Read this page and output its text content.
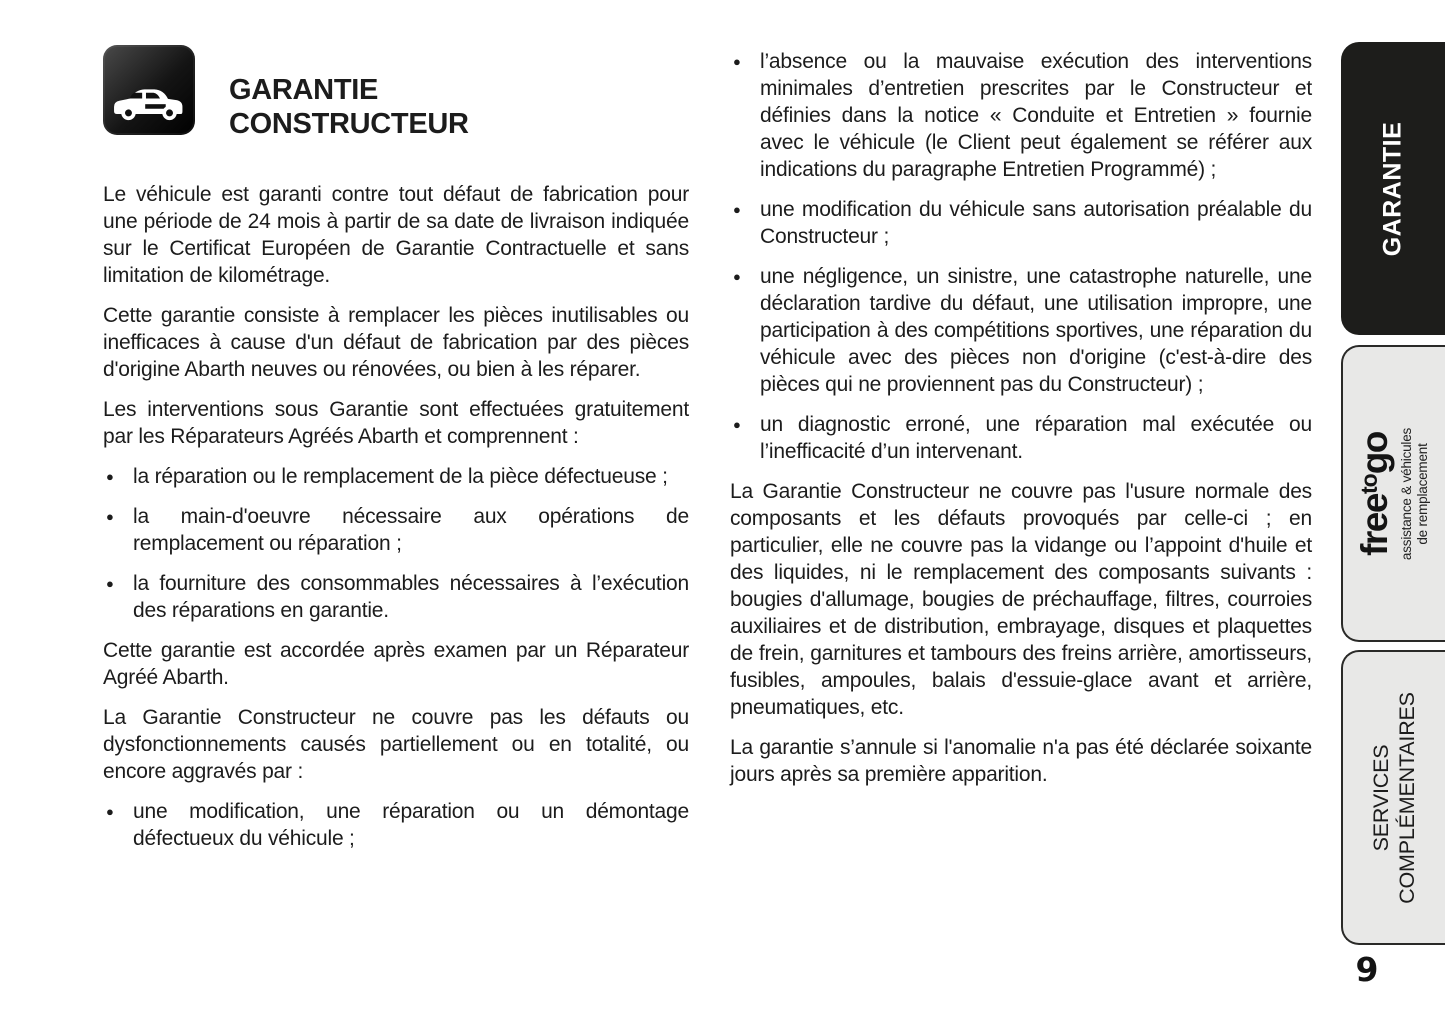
GARANTIE
CONSTRUCTEUR

Le véhicule est garanti contre tout défaut de fabrication pour une période de 24 mois à partir de sa date de livraison indiquée sur le Certificat Européen de Garantie Contractuelle et sans limitation de kilométrage.

Cette garantie consiste à remplacer les pièces inutilisables ou inefficaces à cause d'un défaut de fabrication par des pièces d'origine Abarth neuves ou rénovées, ou bien à les réparer.

Les interventions sous Garantie sont effectuées gratuitement par les Réparateurs Agréés Abarth et comprennent :

● la réparation ou le remplacement de la pièce défectueuse ;
● la main-d'oeuvre nécessaire aux opérations de remplacement ou réparation ;
● la fourniture des consommables nécessaires à l’exécution des réparations en garantie.

Cette garantie est accordée après examen par un Réparateur Agréé Abarth.

La Garantie Constructeur ne couvre pas les défauts ou dysfonctionnements causés partiellement ou en totalité, ou encore aggravés par :

● une modification, une réparation ou un démontage défectueux du véhicule ;
● l’absence ou la mauvaise exécution des interventions minimales d’entretien prescrites par le Constructeur et définies dans la notice « Conduite et Entretien » fournie avec le véhicule (le Client peut également se référer aux indications du paragraphe Entretien Programmé) ;
● une modification du véhicule sans autorisation préalable du Constructeur ;
● une négligence, un sinistre, une catastrophe naturelle, une déclaration tardive du défaut, une utilisation impropre, une participation à des compétitions sportives, une réparation du véhicule avec des pièces non d'origine (c'est-à-dire des pièces qui ne proviennent pas du Constructeur) ;
● un diagnostic erroné, une réparation mal exécutée ou l’inefficacité d’un intervenant.

La Garantie Constructeur ne couvre pas l'usure normale des composants et les défauts provoqués par celle-ci ; en particulier, elle ne couvre pas la vidange ou l’appoint d'huile et des liquides, ni le remplacement des composants suivants : bougies d'allumage, bougies de préchauffage, filtres, courroies auxiliaires et de distribution, embrayage, disques et plaquettes de frein, garnitures et tambours des freins arrière, amortisseurs, fusibles, ampoules, balais d'essuie-glace avant et arrière, pneumatiques, etc.

La garantie s’annule si l'anomalie n'a pas été déclarée soixante jours après sa première apparition.

GARANTIE
free$^{to}$go assistance & véhicules de remplacement
SERVICES COMPLÉMENTAIRES
9
